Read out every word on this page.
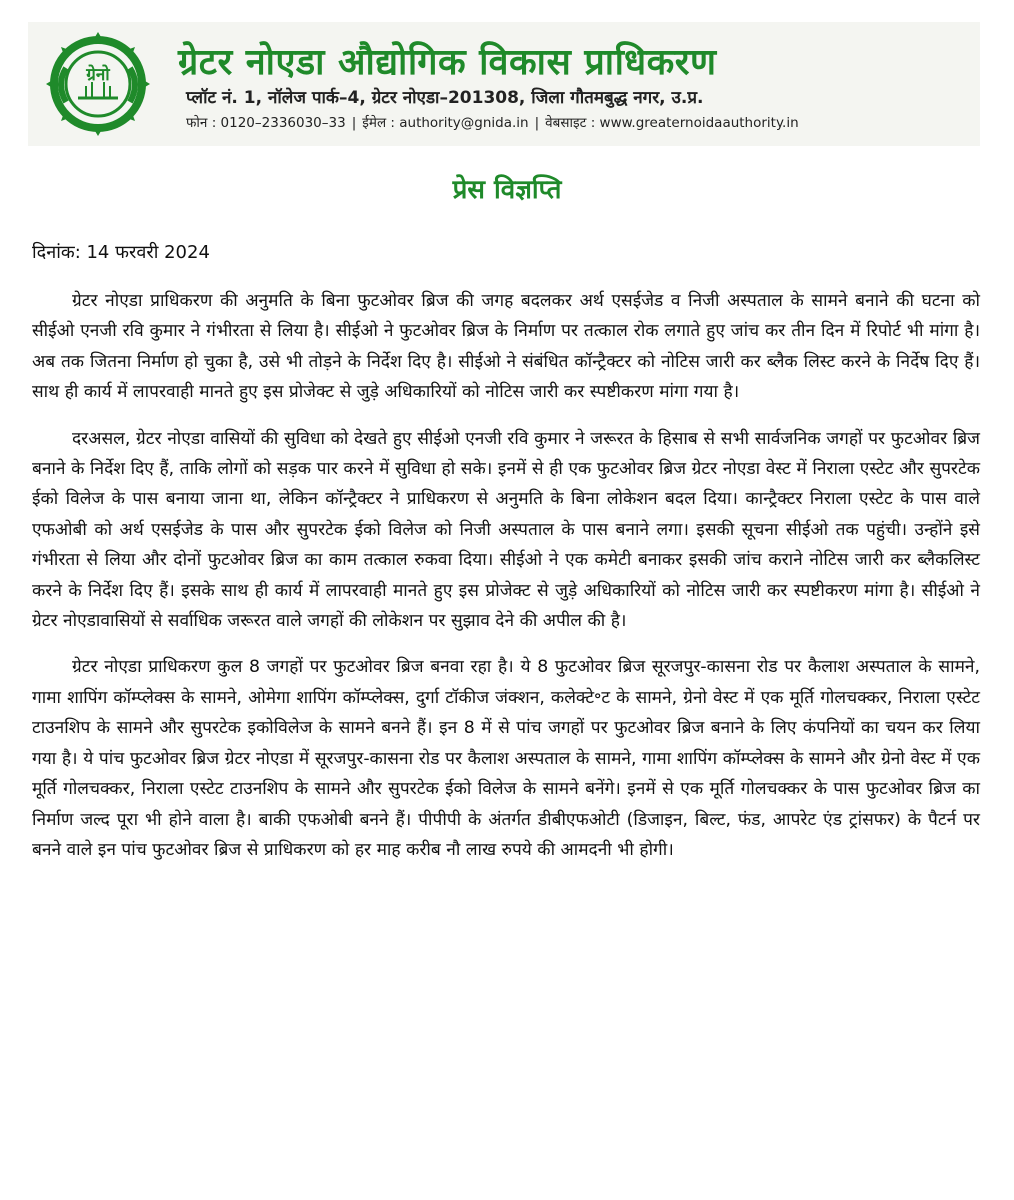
ग्रेनो ग्रेटर नोएडा औद्योगिक विकास प्राधिकरण
प्लॉट नं. 1, नॉलेज पार्क–4, ग्रेटर नोएडा–201308, जिला गौतमबुद्ध नगर, उ.प्र.
फोन : 0120–2336030–33 | ईमेल : authority@gnida.in | वेबसाइट : www.greaternoidaauthority.in
प्रेस विज्ञप्ति
दिनांक: 14 फरवरी 2024

ग्रेटर नोएडा प्राधिकरण की अनुमति के बिना फुटओवर ब्रिज की जगह बदलकर अर्थ एसईजेड व निजी अस्पताल के सामने बनाने की घटना को सीईओ एनजी रवि कुमार ने गंभीरता से लिया है। सीईओ ने फुटओवर ब्रिज के निर्माण पर तत्काल रोक लगाते हुए जांच कर तीन दिन में रिपोर्ट भी मांगा है। अब तक जितना निर्माण हो चुका है, उसे भी तोड़ने के निर्देश दिए है। सीईओ ने संबंधित कॉन्ट्रैक्टर को नोटिस जारी कर ब्लैक लिस्ट करने के निर्देष दिए हैं। साथ ही कार्य में लापरवाही मानते हुए इस प्रोजेक्ट से जुड़े अधिकारियों को नोटिस जारी कर स्पष्टीकरण मांगा गया है।

दरअसल, ग्रेटर नोएडा वासियों की सुविधा को देखते हुए सीईओ एनजी रवि कुमार ने जरूरत के हिसाब से सभी सार्वजनिक जगहों पर फुटओवर ब्रिज बनाने के निर्देश दिए हैं, ताकि लोगों को सड़क पार करने में सुविधा हो सके। इनमें से ही एक फुटओवर ब्रिज ग्रेटर नोएडा वेस्ट में निराला एस्टेट और सुपरटेक ईको विलेज के पास बनाया जाना था, लेकिन कॉन्ट्रैक्टर ने प्राधिकरण से अनुमति के बिना लोकेशन बदल दिया। कान्ट्रैक्टर निराला एस्टेट के पास वाले एफओबी को अर्थ एसईजेड के पास और सुपरटेक ईको विलेज को निजी अस्पताल के पास बनाने लगा। इसकी सूचना सीईओ तक पहुंची। उन्होंने इसे गंभीरता से लिया और दोनों फुटओवर ब्रिज का काम तत्काल रुकवा दिया। सीईओ ने एक कमेटी बनाकर इसकी जांच कराने नोटिस जारी कर ब्लैकलिस्ट करने के निर्देश दिए हैं। इसके साथ ही कार्य में लापरवाही मानते हुए इस प्रोजेक्ट से जुड़े अधिकारियों को नोटिस जारी कर स्पष्टीकरण मांगा है। सीईओ ने ग्रेटर नोएडावासियों से सर्वाधिक जरूरत वाले जगहों की लोकेशन पर सुझाव देने की अपील की है।

ग्रेटर नोएडा प्राधिकरण कुल 8 जगहों पर फुटओवर ब्रिज बनवा रहा है। ये 8 फुटओवर ब्रिज सूरजपुर-कासना रोड पर कैलाश अस्पताल के सामने, गामा शापिंग कॉम्प्लेक्स के सामने, ओमेगा शापिंग कॉम्प्लेक्स, दुर्गा टॉकीज जंक्शन, कलेक्टे॰ट के सामने, ग्रेनो वेस्ट में एक मूर्ति गोलचक्कर, निराला एस्टेट टाउनशिप के सामने और सुपरटेक इकोविलेज के सामने बनने हैं। इन 8 में से पांच जगहों पर फुटओवर ब्रिज बनाने के लिए कंपनियों का चयन कर लिया गया है। ये पांच फुटओवर ब्रिज ग्रेटर नोएडा में सूरजपुर-कासना रोड पर कैलाश अस्पताल के सामने, गामा शापिंग कॉम्प्लेक्स के सामने और ग्रेनो वेस्ट में एक मूर्ति गोलचक्कर, निराला एस्टेट टाउनशिप के सामने और सुपरटेक ईको विलेज के सामने बनेंगे। इनमें से एक मूर्ति गोलचक्कर के पास फुटओवर ब्रिज का निर्माण जल्द पूरा भी होने वाला है। बाकी एफओबी बनने हैं। पीपीपी के अंतर्गत डीबीएफओटी (डिजाइन, बिल्ट, फंड, आपरेट एंड ट्रांसफर) के पैटर्न पर बनने वाले इन पांच फुटओवर ब्रिज से प्राधिकरण को हर माह करीब नौ लाख रुपये की आमदनी भी होगी।
